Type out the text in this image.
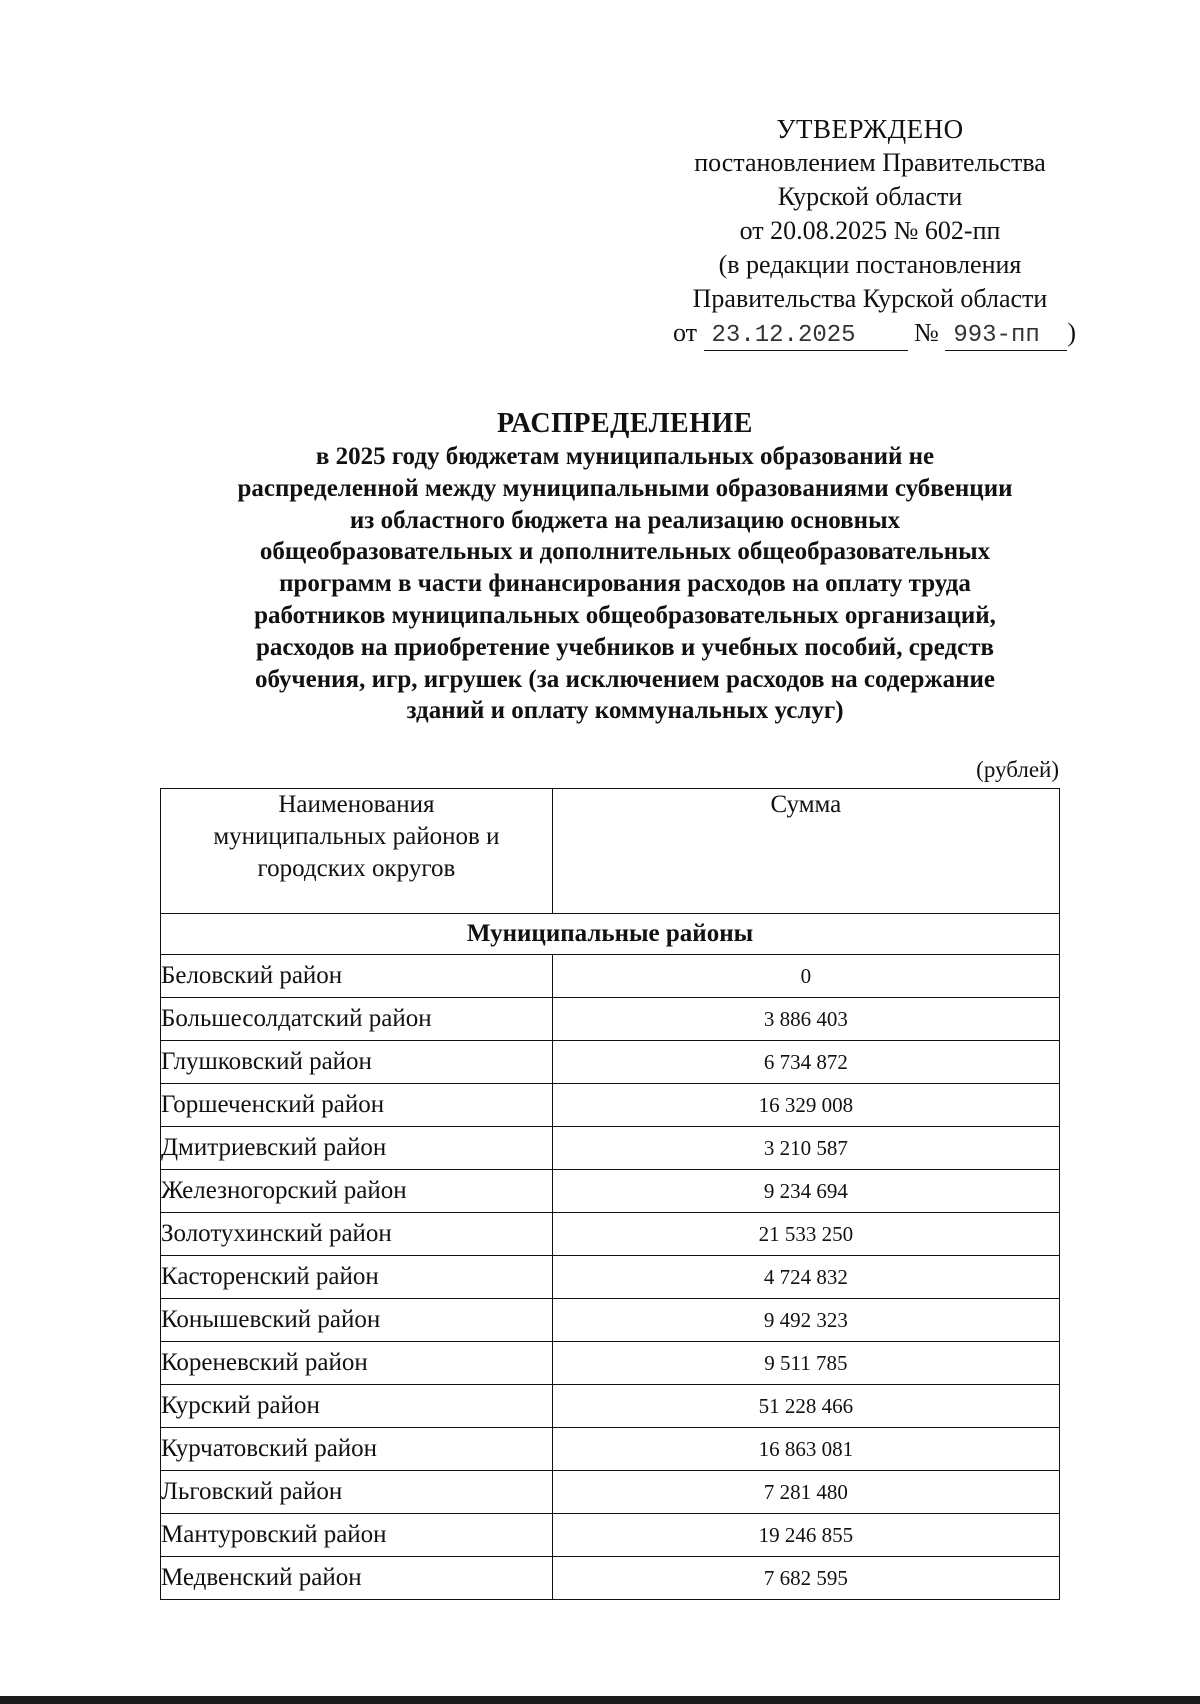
УТВЕРЖДЕНО
постановлением Правительства
Курской области
от 20.08.2025 № 602-пп
(в редакции постановления
Правительства Курской области
от 23.12.2025 № 993-пп )
РАСПРЕДЕЛЕНИЕ
в 2025 году бюджетам муниципальных образований не
распределенной между муниципальными образованиями субвенции
из областного бюджета на реализацию основных
общеобразовательных и дополнительных общеобразовательных
программ в части финансирования расходов на оплату труда
работников муниципальных общеобразовательных организаций,
расходов на приобретение учебников и учебных пособий, средств
обучения, игр, игрушек (за исключением расходов на содержание
зданий и оплату коммунальных услуг)
(рублей)
Наименования
муниципальных районов и
городских округов	Сумма
Муниципальные районы	
Беловский район	0
Большесолдатский район	3 886 403
Глушковский район	6 734 872
Горшеченский район	16 329 008
Дмитриевский район	3 210 587
Железногорский район	9 234 694
Золотухинский район	21 533 250
Касторенский район	4 724 832
Конышевский район	9 492 323
Кореневский район	9 511 785
Курский район	51 228 466
Курчатовский район	16 863 081
Льговский район	7 281 480
Мантуровский район	19 246 855
Медвенский район	7 682 595
